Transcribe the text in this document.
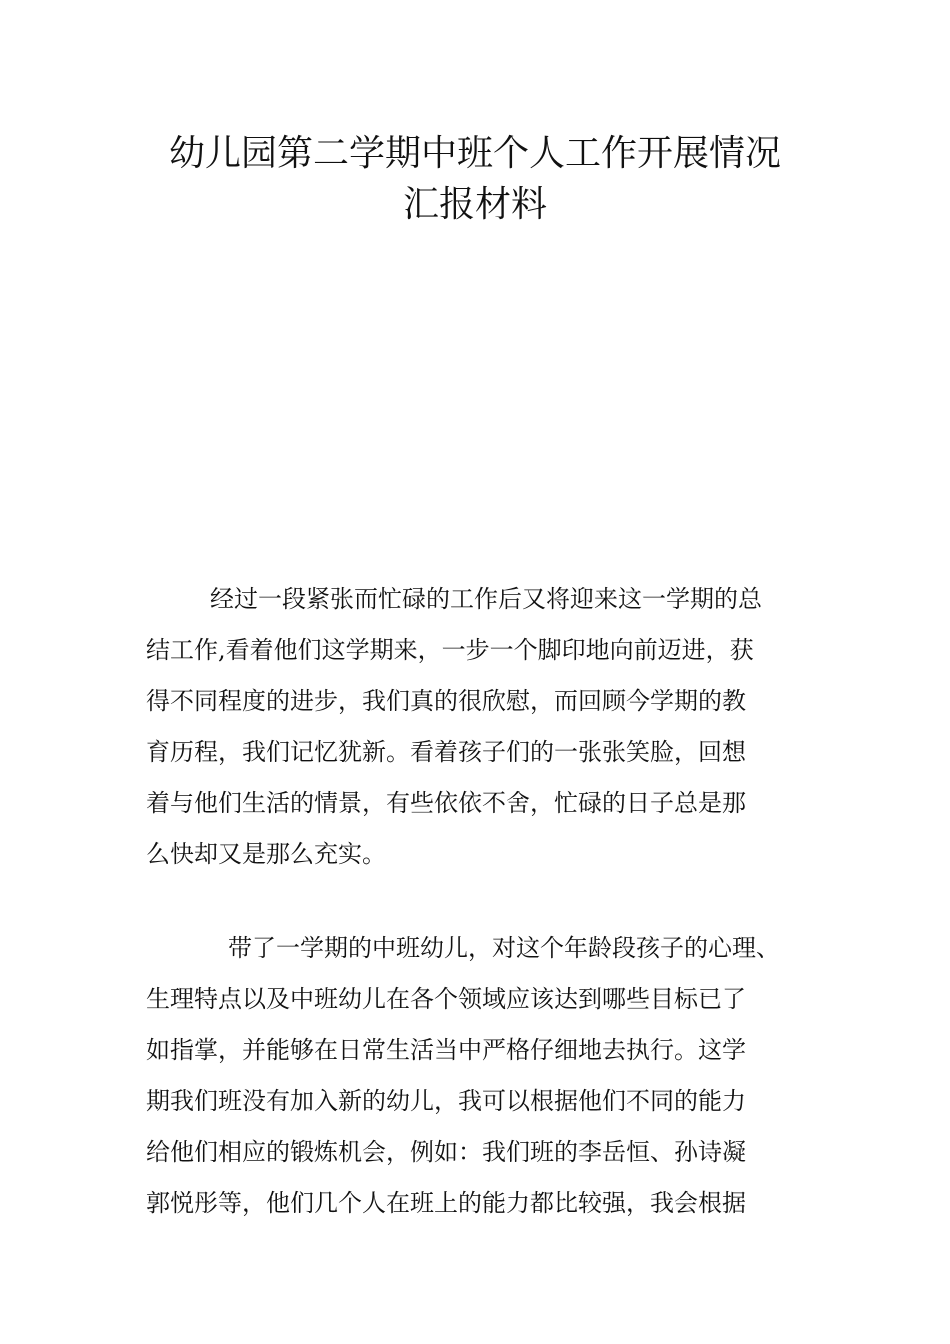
幼儿园第二学期中班个人工作开展情况
汇报材料
经过一段紧张而忙碌的工作后又将迎来这一学期的总
结工作,看着他们这学期来，一步一个脚印地向前迈进，获
得不同程度的进步，我们真的很欣慰，而回顾今学期的教
育历程，我们记忆犹新。看着孩子们的一张张笑脸，回想
着与他们生活的情景，有些依依不舍，忙碌的日子总是那
么快却又是那么充实。
带了一学期的中班幼儿，对这个年龄段孩子的心理、
生理特点以及中班幼儿在各个领域应该达到哪些目标已了
如指掌，并能够在日常生活当中严格仔细地去执行。这学
期我们班没有加入新的幼儿，我可以根据他们不同的能力
给他们相应的锻炼机会，例如：我们班的李岳恒、孙诗凝
郭悦彤等，他们几个人在班上的能力都比较强，我会根据
